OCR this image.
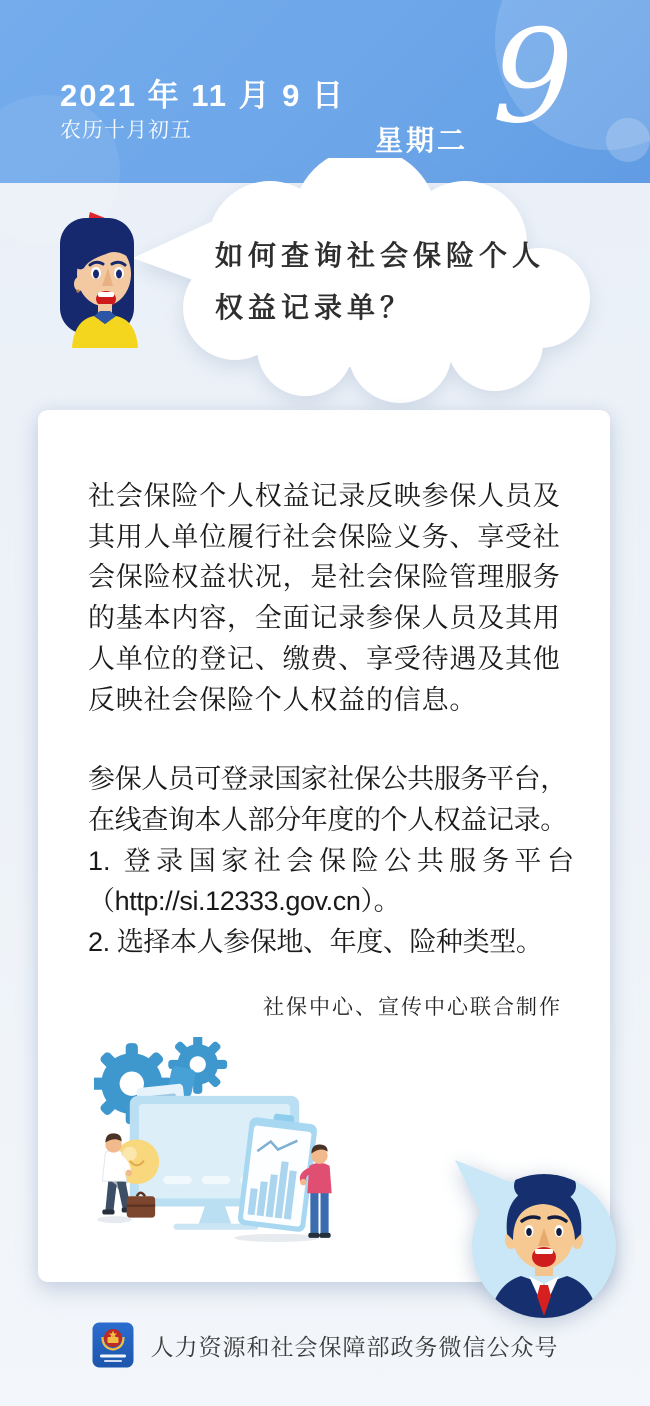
2021 年 11 月 9 日
农历十月初五	星期二 9
如何查询社会保险个人
权益记录单？
社会保险个人权益记录反映参保人员及
其用人单位履行社会保险义务、享受社
会保险权益状况，是社会保险管理服务
的基本内容，全面记录参保人员及其用
人单位的登记、缴费、享受待遇及其他
反映社会保险个人权益的信息。
参保人员可登录国家社保公共服务平台，
在线查询本人部分年度的个人权益记录。
1. 登录国家社会保险公共服务平台
（http://si.12333.gov.cn）。
2. 选择本人参保地、年度、险种类型。
社保中心、宣传中心联合制作
人力资源和社会保障部政务微信公众号
